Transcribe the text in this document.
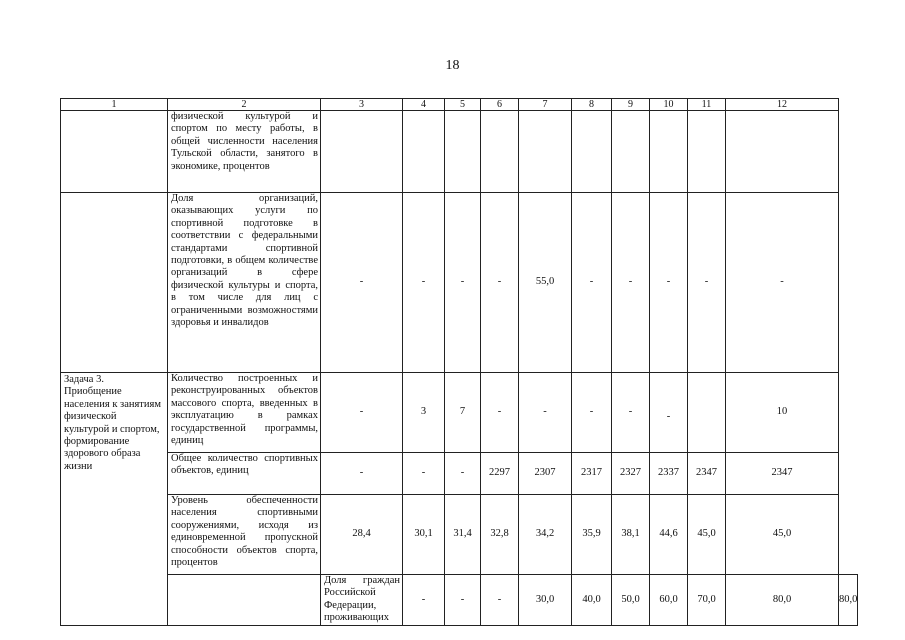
18
1	2	3	4	5	6	7	8	9	10	11	12	
	физической культурой и спортом по месту работы, в общей численности населения Тульской области, занятого в экономике, процентов											
	Доля организаций, оказывающих услуги по спортивной подготовке в соответствии с федеральными стандартами спортивной подготовки, в общем количестве организаций в сфере физической культуры и спорта, в том числе для лиц с ограниченными возможностями здоровья и инвалидов	-	-	-	-	55,0	-	-	-	-	-	
Задача 3. Приобщение населения к занятиям физической культурой и спортом, формирование здорового образа жизни	Количество построенных и реконструированных объектов массового спорта, введенных в эксплуатацию в рамках государственной программы, единиц	-	3	7	-	-	-	-	-		10	
	Общее количество спортивных объектов, единиц	-	-	-	2297	2307	2317	2327	2337	2347	2347	
	Уровень обеспеченности населения спортивными сооружениями, исходя из единовременной пропускной способности объектов спорта, процентов	28,4	30,1	31,4	32,8	34,2	35,9	38,1	44,6	45,0	45,0	
		Доля граждан Российской Федерации, проживающих	-	-	-	30,0	40,0	50,0	60,0	70,0	80,0	80,0
